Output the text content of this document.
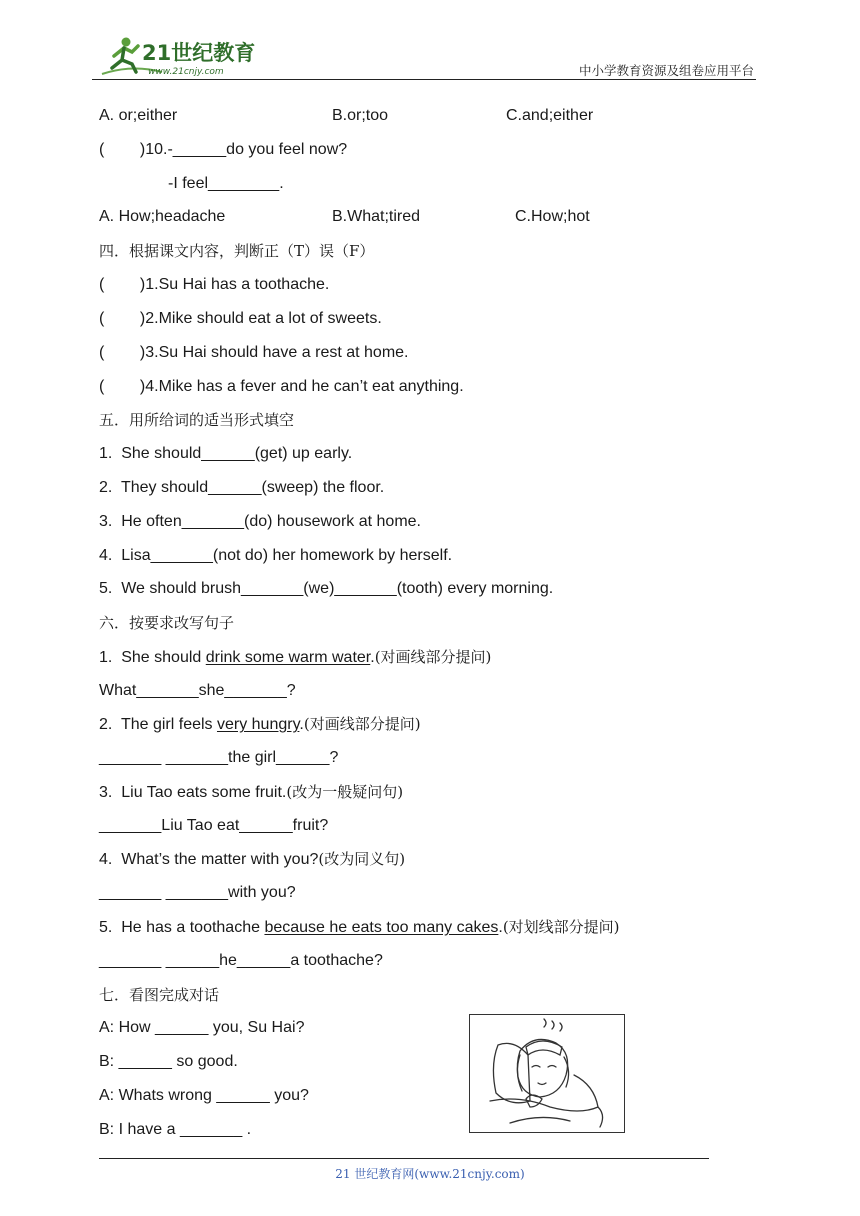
21世纪教育
www.21cnjy.com	中小学教育资源及组卷应用平台
A. or;either	B.or;too	C.and;either
(        )10.-______do you feel now?
-I feel________.
A. How;headache	B.What;tired	C.How;hot
四．根据课文内容，判断正（T）误（F）
(        )1.Su Hai has a toothache.
(        )2.Mike should eat a lot of sweets.
(        )3.Su Hai should have a rest at home.
(        )4.Mike has a fever and he can’t eat anything.
五．用所给词的适当形式填空
1.  She should______(get) up early.
2.  They should______(sweep) the floor.
3.  He often_______(do) housework at home.
4.  Lisa_______(not do) her homework by herself.
5.  We should brush_______(we)_______(tooth) every morning.
六．按要求改写句子
1.  She should drink some warm water.(对画线部分提问)
What_______she_______?
2.  The girl feels very hungry.(对画线部分提问)
_______ _______the girl______?
3.  Liu Tao eats some fruit.(改为一般疑问句)
_______Liu Tao eat______fruit?
4.  What’s the matter with you?(改为同义句)
_______ _______with you?
5.  He has a toothache because he eats too many cakes.(对划线部分提问)
_______ ______he______a toothache?
七．看图完成对话
A: How ______ you, Su Hai?
B: ______ so good.
A: Whats wrong ______ you?
B: I have a _______ .
21 世纪教育网(www.21cnjy.com)
